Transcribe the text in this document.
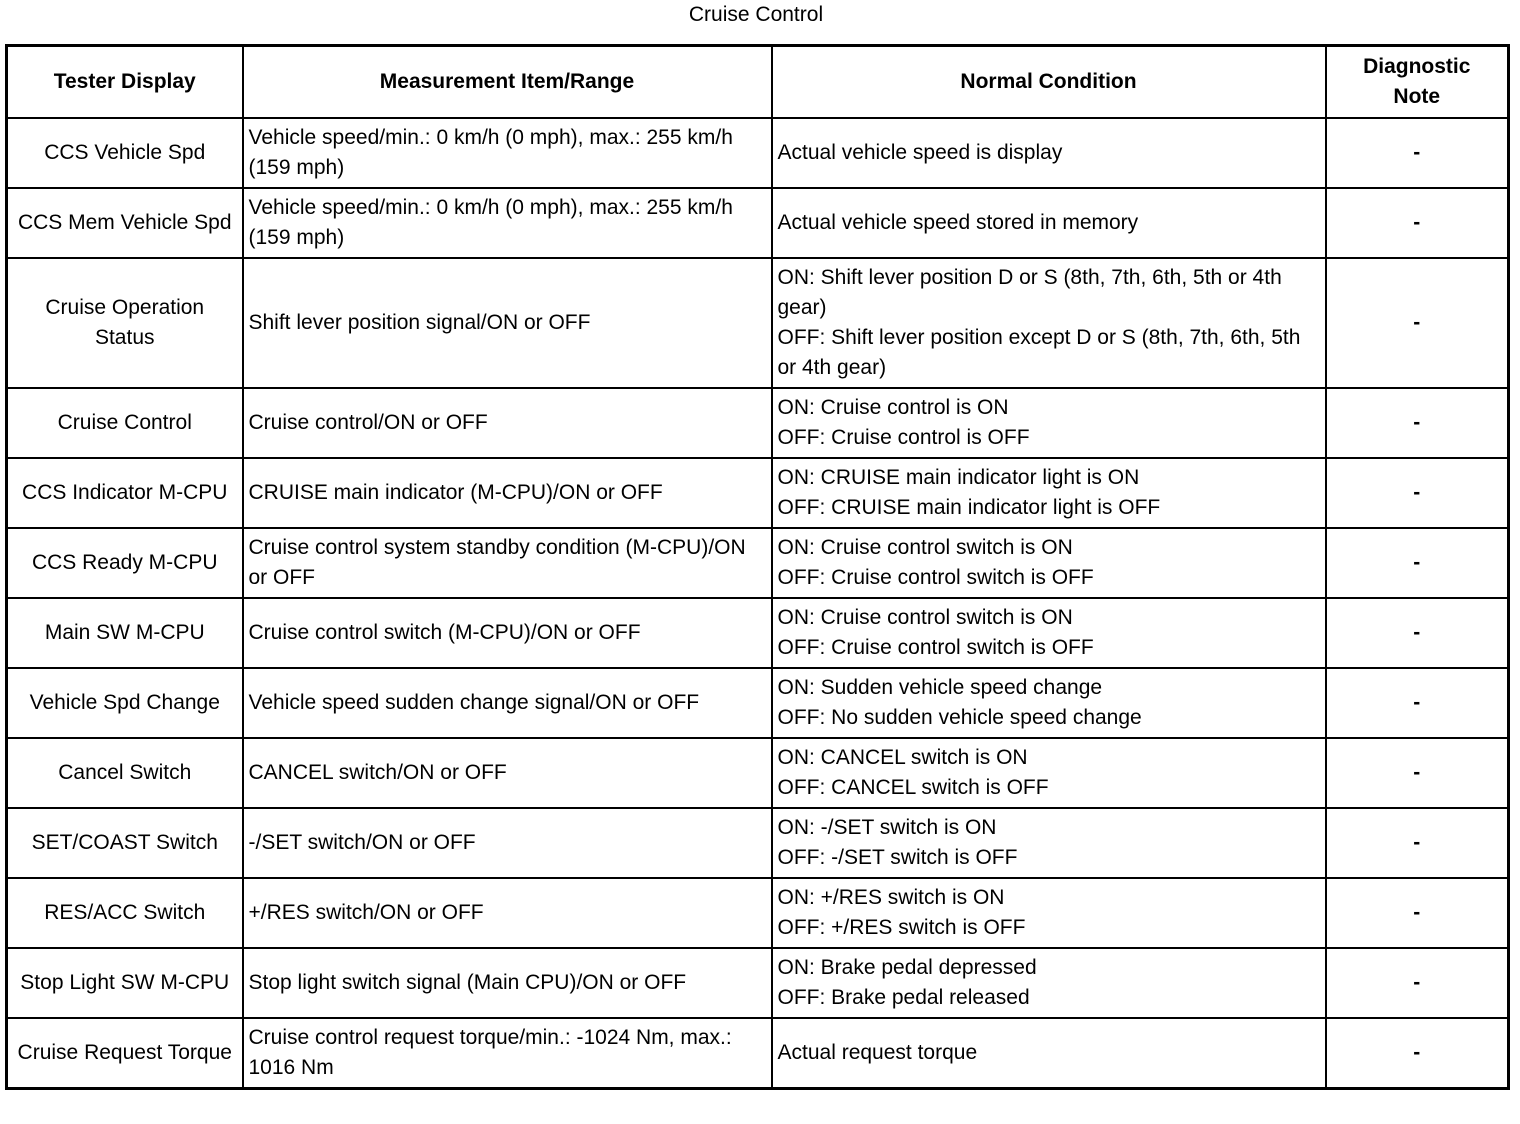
Cruise Control
Tester Display	Measurement Item/Range	Normal Condition	Diagnostic
Note
CCS Vehicle Spd	Vehicle speed/min.: 0 km/h (0 mph), max.: 255 km/h (159 mph)	Actual vehicle speed is display	-
CCS Mem Vehicle Spd	Vehicle speed/min.: 0 km/h (0 mph), max.: 255 km/h (159 mph)	Actual vehicle speed stored in memory	-
Cruise Operation Status	Shift lever position signal/ON or OFF	ON: Shift lever position D or S (8th, 7th, 6th, 5th or 4th gear)
OFF: Shift lever position except D or S (8th, 7th, 6th, 5th or 4th gear)	-
Cruise Control	Cruise control/ON or OFF	ON: Cruise control is ON
OFF: Cruise control is OFF	-
CCS Indicator M-CPU	CRUISE main indicator (M-CPU)/ON or OFF	ON: CRUISE main indicator light is ON
OFF: CRUISE main indicator light is OFF	-
CCS Ready M-CPU	Cruise control system standby condition (M-CPU)/ON or OFF	ON: Cruise control switch is ON
OFF: Cruise control switch is OFF	-
Main SW M-CPU	Cruise control switch (M-CPU)/ON or OFF	ON: Cruise control switch is ON
OFF: Cruise control switch is OFF	-
Vehicle Spd Change	Vehicle speed sudden change signal/ON or OFF	ON: Sudden vehicle speed change
OFF: No sudden vehicle speed change	-
Cancel Switch	CANCEL switch/ON or OFF	ON: CANCEL switch is ON
OFF: CANCEL switch is OFF	-
SET/COAST Switch	-/SET switch/ON or OFF	ON: -/SET switch is ON
OFF: -/SET switch is OFF	-
RES/ACC Switch	+/RES switch/ON or OFF	ON: +/RES switch is ON
OFF: +/RES switch is OFF	-
Stop Light SW M-CPU	Stop light switch signal (Main CPU)/ON or OFF	ON: Brake pedal depressed
OFF: Brake pedal released	-
Cruise Request Torque	Cruise control request torque/min.: -1024 Nm, max.: 1016 Nm	Actual request torque	-
